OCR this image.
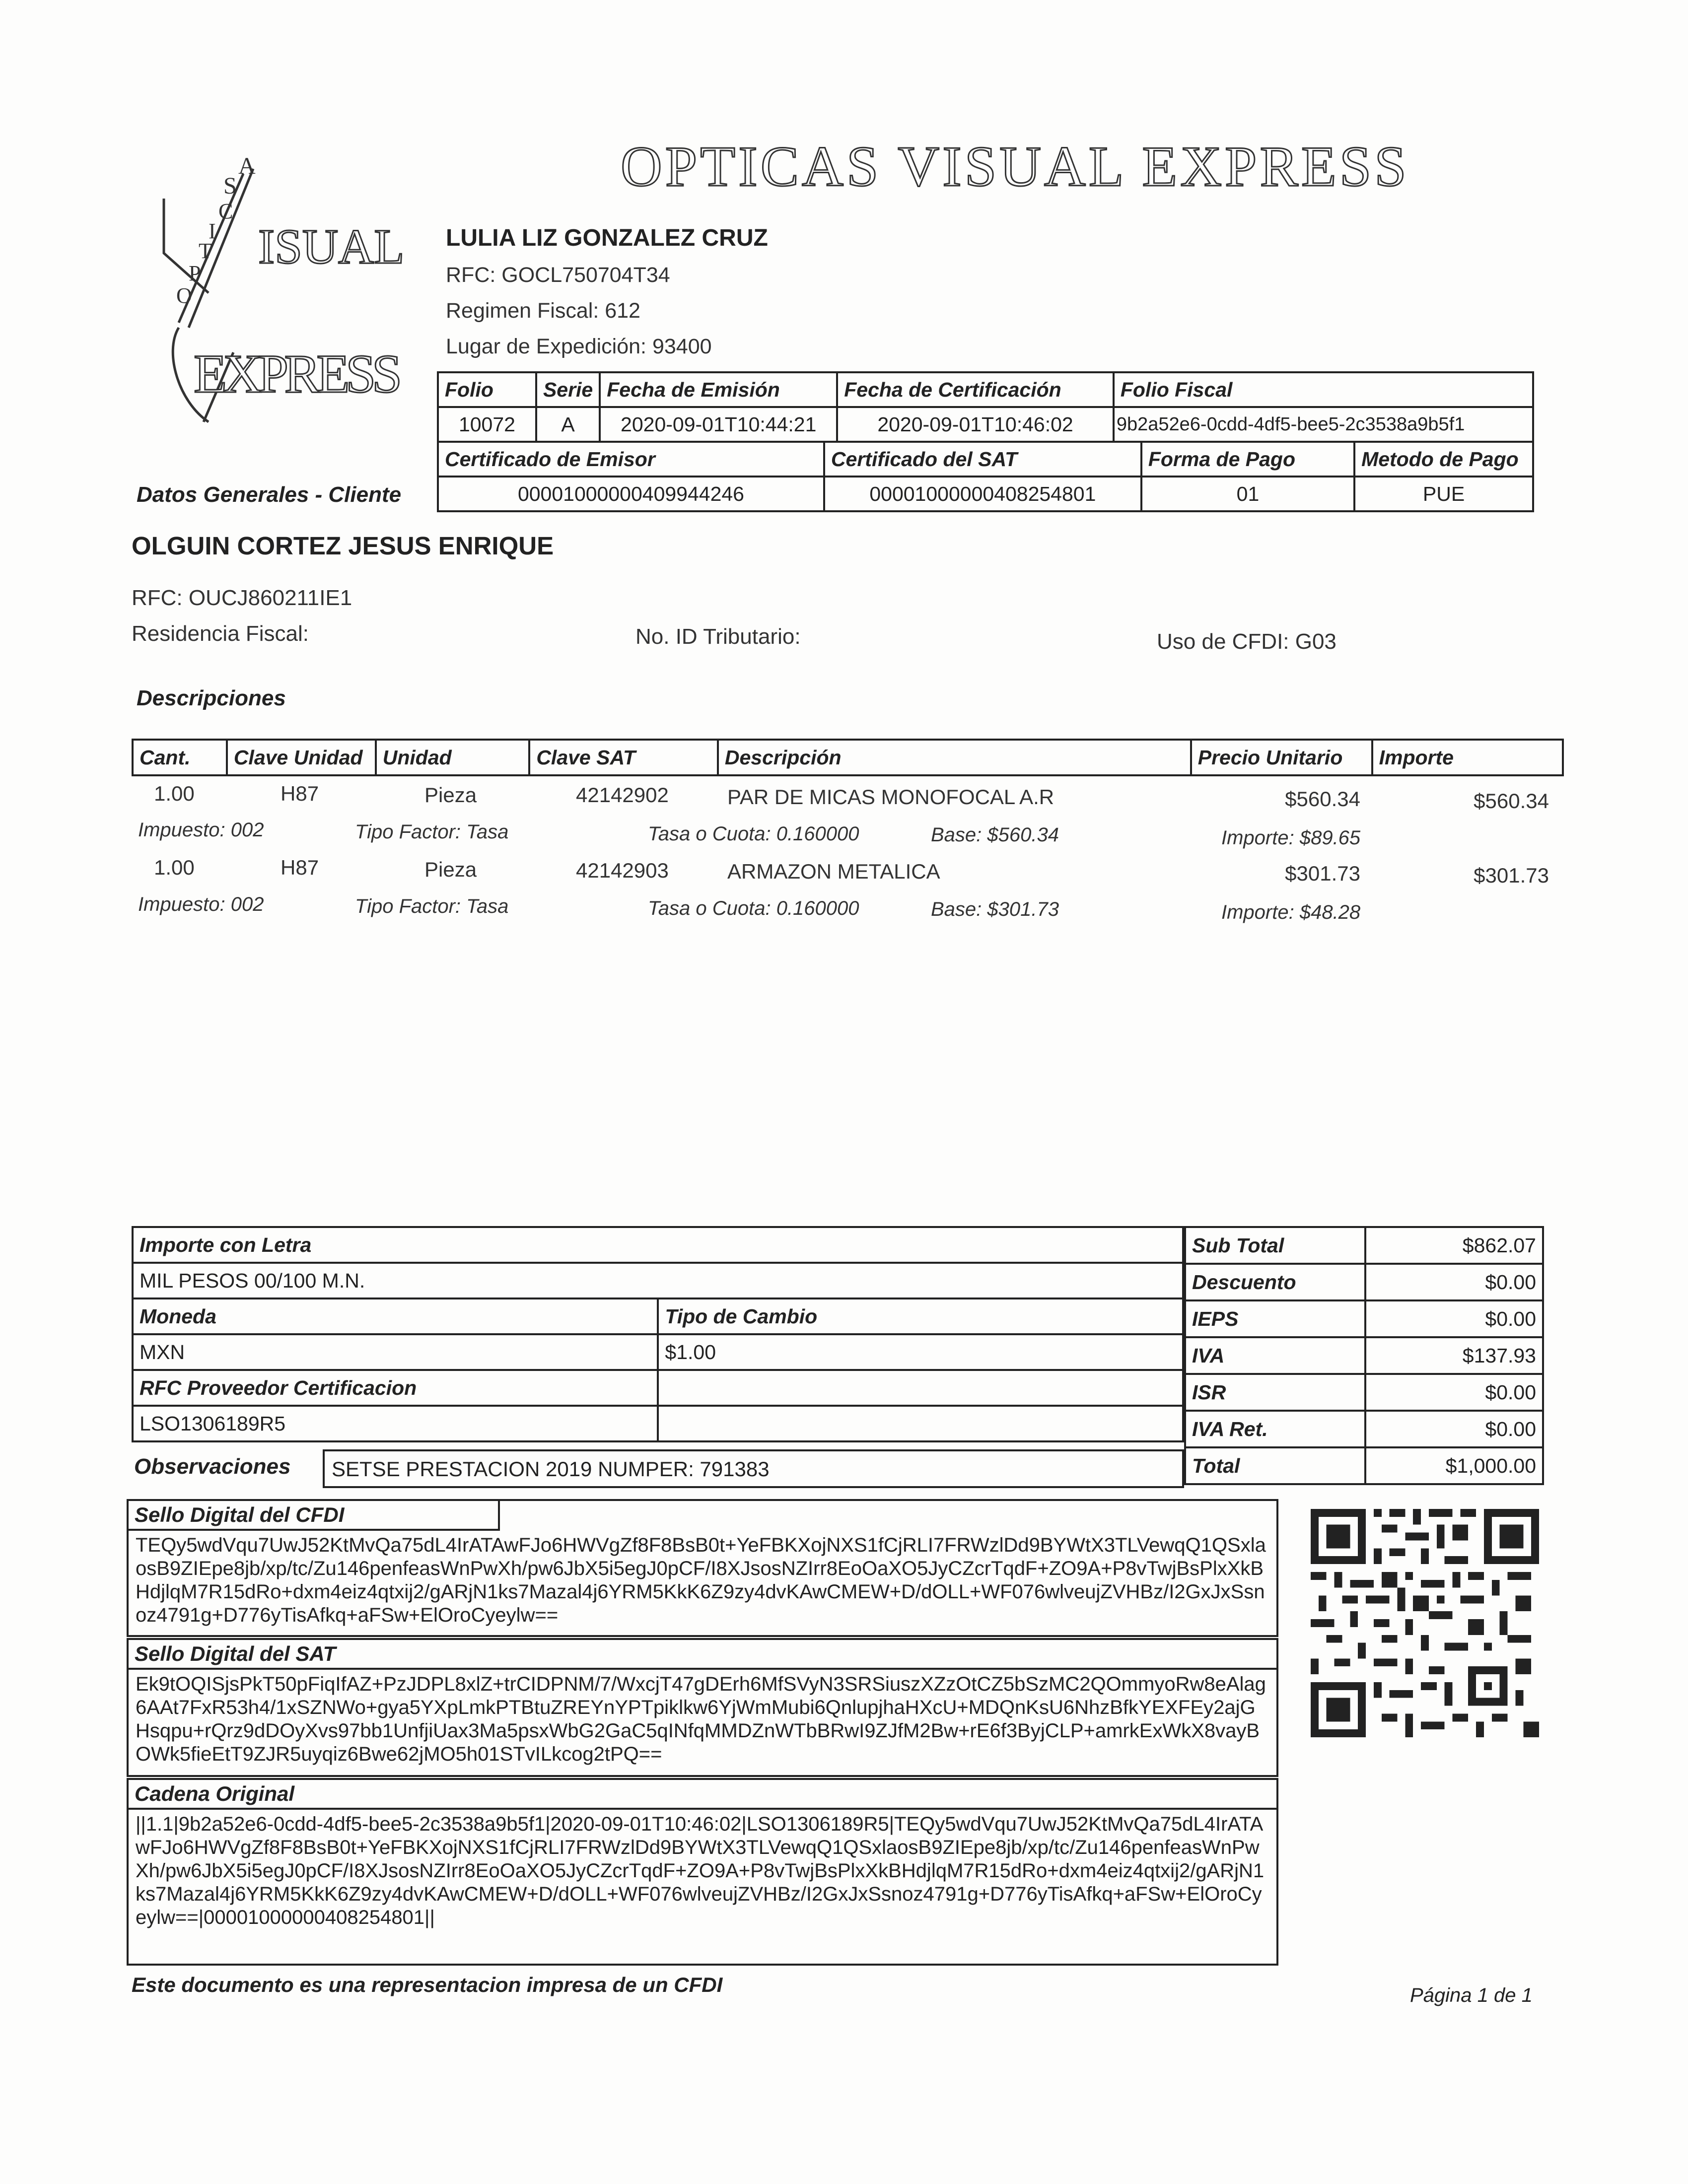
OPTICAS VISUAL EXPRESS
A
S
C
I
T
P
O
ISUAL
EXPRESS
LULIA LIZ GONZALEZ CRUZ
RFC: GOCL750704T34
Regimen Fiscal: 612
Lugar de Expedición: 93400
Folio	Serie	Fecha de Emisión	Fecha de Certificación	Folio Fiscal
10072	A	2020-09-01T10:44:21	2020-09-01T10:46:02	9b2a52e6-0cdd-4df5-bee5-2c3538a9b5f1
Certificado de Emisor	Certificado del SAT	Forma de Pago	Metodo de Pago
00001000000409944246	00001000000408254801	01	PUE
Datos Generales - Cliente
OLGUIN CORTEZ JESUS ENRIQUE
RFC: OUCJ860211IE1
Residencia Fiscal:	No. ID Tributario:	Uso de CFDI: G03
Descripciones
Cant.	Clave Unidad	Unidad	Clave SAT	Descripción	Precio Unitario	Importe
1.00	H87	Pieza	42142902	PAR DE MICAS MONOFOCAL A.R	$560.34	$560.34
Impuesto: 002	Tipo Factor: Tasa	Tasa o Cuota: 0.160000	Base: $560.34	Importe: $89.65
1.00	H87	Pieza	42142903	ARMAZON METALICA	$301.73	$301.73
Impuesto: 002	Tipo Factor: Tasa	Tasa o Cuota: 0.160000	Base: $301.73	Importe: $48.28
Importe con Letra	
MIL PESOS 00/100 M.N.	
Moneda	Tipo de Cambio
MXN	$1.00
RFC Proveedor Certificacion	
LSO1306189R5	
Observaciones	SETSE PRESTACION 2019 NUMPER: 791383
Sub Total	$862.07
Descuento	$0.00
IEPS	$0.00
IVA	$137.93
ISR	$0.00
IVA Ret.	$0.00
Total	$1,000.00
Sello Digital del CFDI
TEQy5wdVqu7UwJ52KtMvQa75dL4IrATAwFJo6HWVgZf8F8BsB0t+YeFBKXojNXS1fCjRLI7FRWzlDd9BYWtX3TLVewqQ1QSxlaosB9ZIEpe8jb/xp/tc/Zu146penfeasWnPwXh/pw6JbX5i5egJ0pCF/I8XJsosNZIrr8EoOaXO5JyCZcrTqdF+ZO9A+P8vTwjBsPlxXkBHdjlqM7R15dRo+dxm4eiz4qtxij2/gARjN1ks7Mazal4j6YRM5KkK6Z9zy4dvKAwCMEW+D/dOLL+WF076wlveujZVHBz/I2GxJxSsnoz4791g+D776yTisAfkq+aFSw+ElOroCyeylw==
Sello Digital del SAT
Ek9tOQISjsPkT50pFiqIfAZ+PzJDPL8xlZ+trCIDPNM/7/WxcjT47gDErh6MfSVyN3SRSiuszXZzOtCZ5bSzMC2QOmmyoRw8eAlag6AAt7FxR53h4/1xSZNWo+gya5YXpLmkPTBtuZREYnYPTpiklkw6YjWmMubi6QnlupjhaHXcU+MDQnKsU6NhzBfkYEXFEy2ajGHsqpu+rQrz9dDOyXvs97bb1UnfjiUax3Ma5psxWbG2GaC5qINfqMMDZnWTbBRwI9ZJfM2Bw+rE6f3ByjCLP+amrkExWkX8vayBOWk5fieEtT9ZJR5uyqiz6Bwe62jMO5h01STvILkcog2tPQ==
Cadena Original
||1.1|9b2a52e6-0cdd-4df5-bee5-2c3538a9b5f1|2020-09-01T10:46:02|LSO1306189R5|TEQy5wdVqu7UwJ52KtMvQa75dL4IrATAwFJo6HWVgZf8F8BsB0t+YeFBKXojNXS1fCjRLI7FRWzlDd9BYWtX3TLVewqQ1QSxlaosB9ZIEpe8jb/xp/tc/Zu146penfeasWnPwXh/pw6JbX5i5egJ0pCF/I8XJsosNZIrr8EoOaXO5JyCZcrTqdF+ZO9A+P8vTwjBsPlxXkBHdjlqM7R15dRo+dxm4eiz4qtxij2/gARjN1ks7Mazal4j6YRM5KkK6Z9zy4dvKAwCMEW+D/dOLL+WF076wlveujZVHBz/I2GxJxSsnoz4791g+D776yTisAfkq+aFSw+ElOroCyeylw==|00001000000408254801||
Este documento es una representacion impresa de un CFDI	Página 1 de 1
